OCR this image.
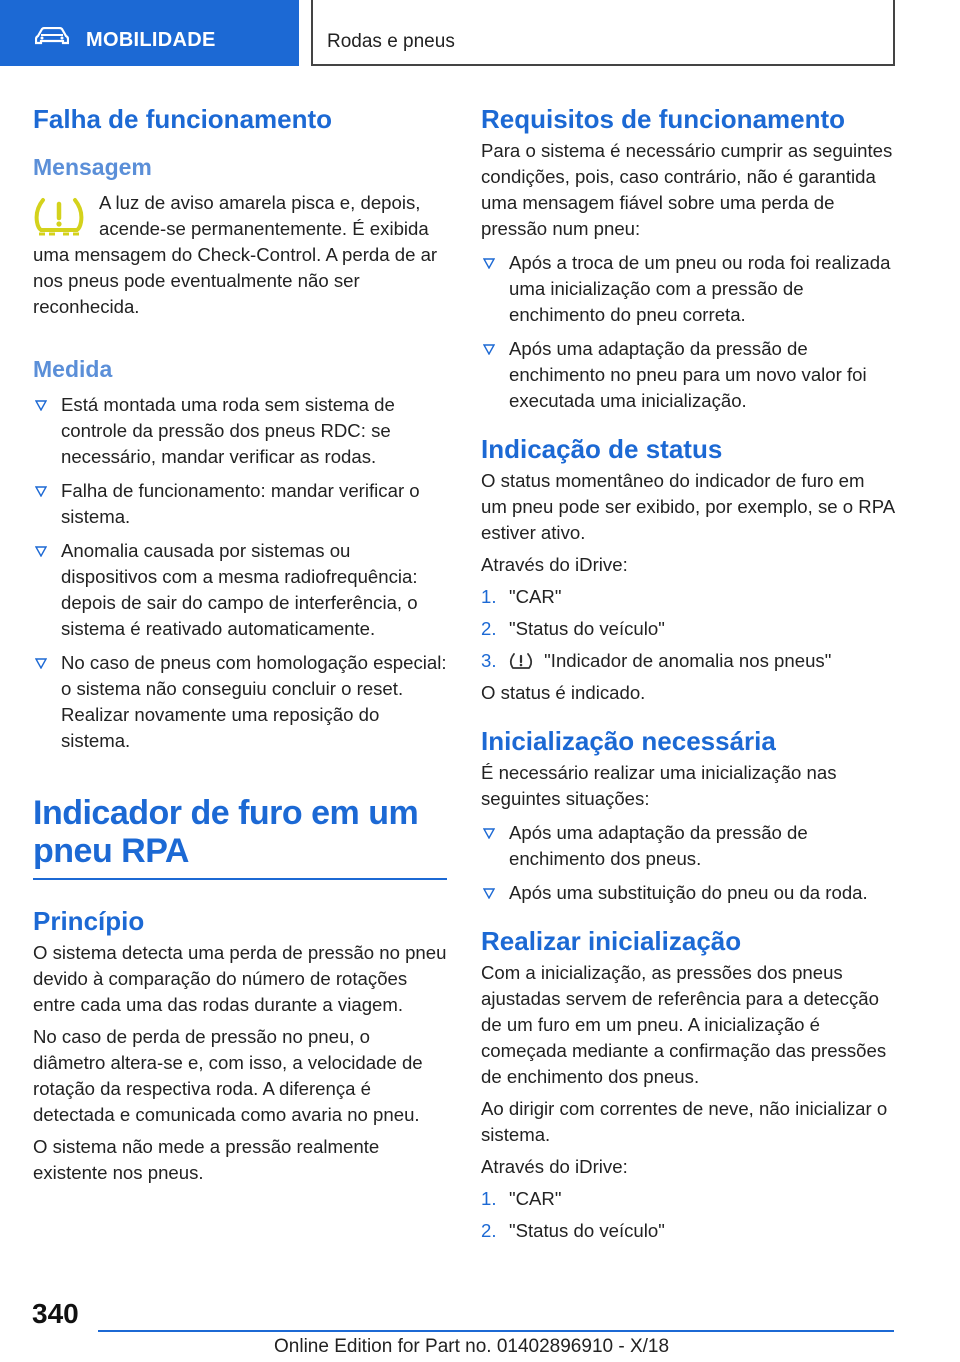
MOBILIDADE	Rodas e pneus
Falha de funcionamento
Mensagem

A luz de aviso amarela pisca e, depois, acende-se permanentemente. É exibida uma mensagem do Check-Control. A perda de ar nos pneus pode eventualmente não ser reconhecida.

Medida
Está montada uma roda sem sistema de controle da pressão dos pneus RDC: se necessário, mandar verificar as rodas.
Falha de funcionamento: mandar verificar o sistema.
Anomalia causada por sistemas ou dispositivos com a mesma radiofrequência: depois de sair do campo de interferência, o sistema é reativado automaticamente.
No caso de pneus com homologação especial: o sistema não conseguiu concluir o reset. Realizar novamente uma reposição do sistema.
Indicador de furo em um pneu RPA
Princípio

O sistema detecta uma perda de pressão no pneu devido à comparação do número de rotações entre cada uma das rodas durante a viagem.

No caso de perda de pressão no pneu, o diâmetro altera-se e, com isso, a velocidade de rotação da respectiva roda. A diferença é detectada e comunicada como avaria no pneu.

O sistema não mede a pressão realmente existente nos pneus.

Requisitos de funcionamento

Para o sistema é necessário cumprir as seguintes condições, pois, caso contrário, não é garantida uma mensagem fiável sobre uma perda de pressão num pneu:

Após a troca de um pneu ou roda foi realizada uma inicialização com a pressão de enchimento do pneu correta.
Após uma adaptação da pressão de enchimento no pneu para um novo valor foi executada uma inicialização.
Indicação de status

O status momentâneo do indicador de furo em um pneu pode ser exibido, por exemplo, se o RPA estiver ativo.

Através do iDrive:

1. "CAR"
2. "Status do veículo"
3.	"Indicador de anomalia nos pneus"

O status é indicado.

Inicialização necessária

É necessário realizar uma inicialização nas seguintes situações:

Após uma adaptação da pressão de enchimento dos pneus.
Após uma substituição do pneu ou da roda.
Realizar inicialização

Com a inicialização, as pressões dos pneus ajustadas servem de referência para a detecção de um furo em um pneu. A inicialização é começada mediante a confirmação das pressões de enchimento dos pneus.

Ao dirigir com correntes de neve, não inicializar o sistema.

Através do iDrive:

1. "CAR"
2. "Status do veículo"
340
Online Edition for Part no. 01402896910 - X/18
